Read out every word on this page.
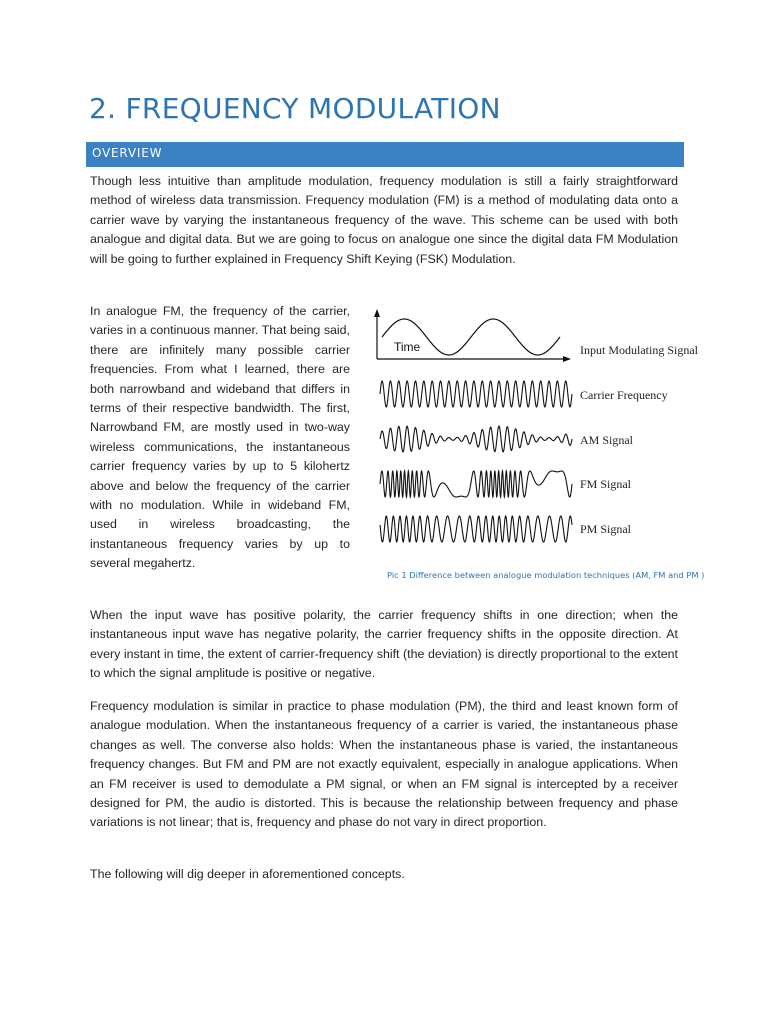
2. FREQUENCY MODULATION
OVERVIEW
Though less intuitive than amplitude modulation, frequency modulation is still a fairly straightforward method of wireless data transmission. Frequency modulation (FM) is a method of modulating data onto a carrier wave by varying the instantaneous frequency of the wave. This scheme can be used with both analogue and digital data. But we are going to focus on analogue one since the digital data FM Modulation will be going to further explained in Frequency Shift Keying (FSK) Modulation.
In analogue FM, the frequency of the carrier, varies in a continuous manner. That being said, there are infinitely many possible carrier frequencies. From what I learned, there are both narrowband and wideband that differs in terms of their respective bandwidth. The first, Narrowband FM, are mostly used in two-way wireless communications, the instantaneous carrier frequency varies by up to 5 kilohertz above and below the frequency of the carrier with no modulation. While in wideband FM, used in wireless broadcasting, the instantaneous frequency varies by up to several megahertz.
Time	Input Modulating Signal
Carrier Frequency
AM Signal
FM Signal
PM Signal
Pic 1 Difference between analogue modulation techniques (AM, FM and PM )
When the input wave has positive polarity, the carrier frequency shifts in one direction; when the instantaneous input wave has negative polarity, the carrier frequency shifts in the opposite direction. At every instant in time, the extent of carrier-frequency shift (the deviation) is directly proportional to the extent to which the signal amplitude is positive or negative.
Frequency modulation is similar in practice to phase modulation (PM), the third and least known form of analogue modulation. When the instantaneous frequency of a carrier is varied, the instantaneous phase changes as well. The converse also holds: When the instantaneous phase is varied, the instantaneous frequency changes. But FM and PM are not exactly equivalent, especially in analogue applications. When an FM receiver is used to demodulate a PM signal, or when an FM signal is intercepted by a receiver designed for PM, the audio is distorted. This is because the relationship between frequency and phase variations is not linear; that is, frequency and phase do not vary in direct proportion.
The following will dig deeper in aforementioned concepts.
